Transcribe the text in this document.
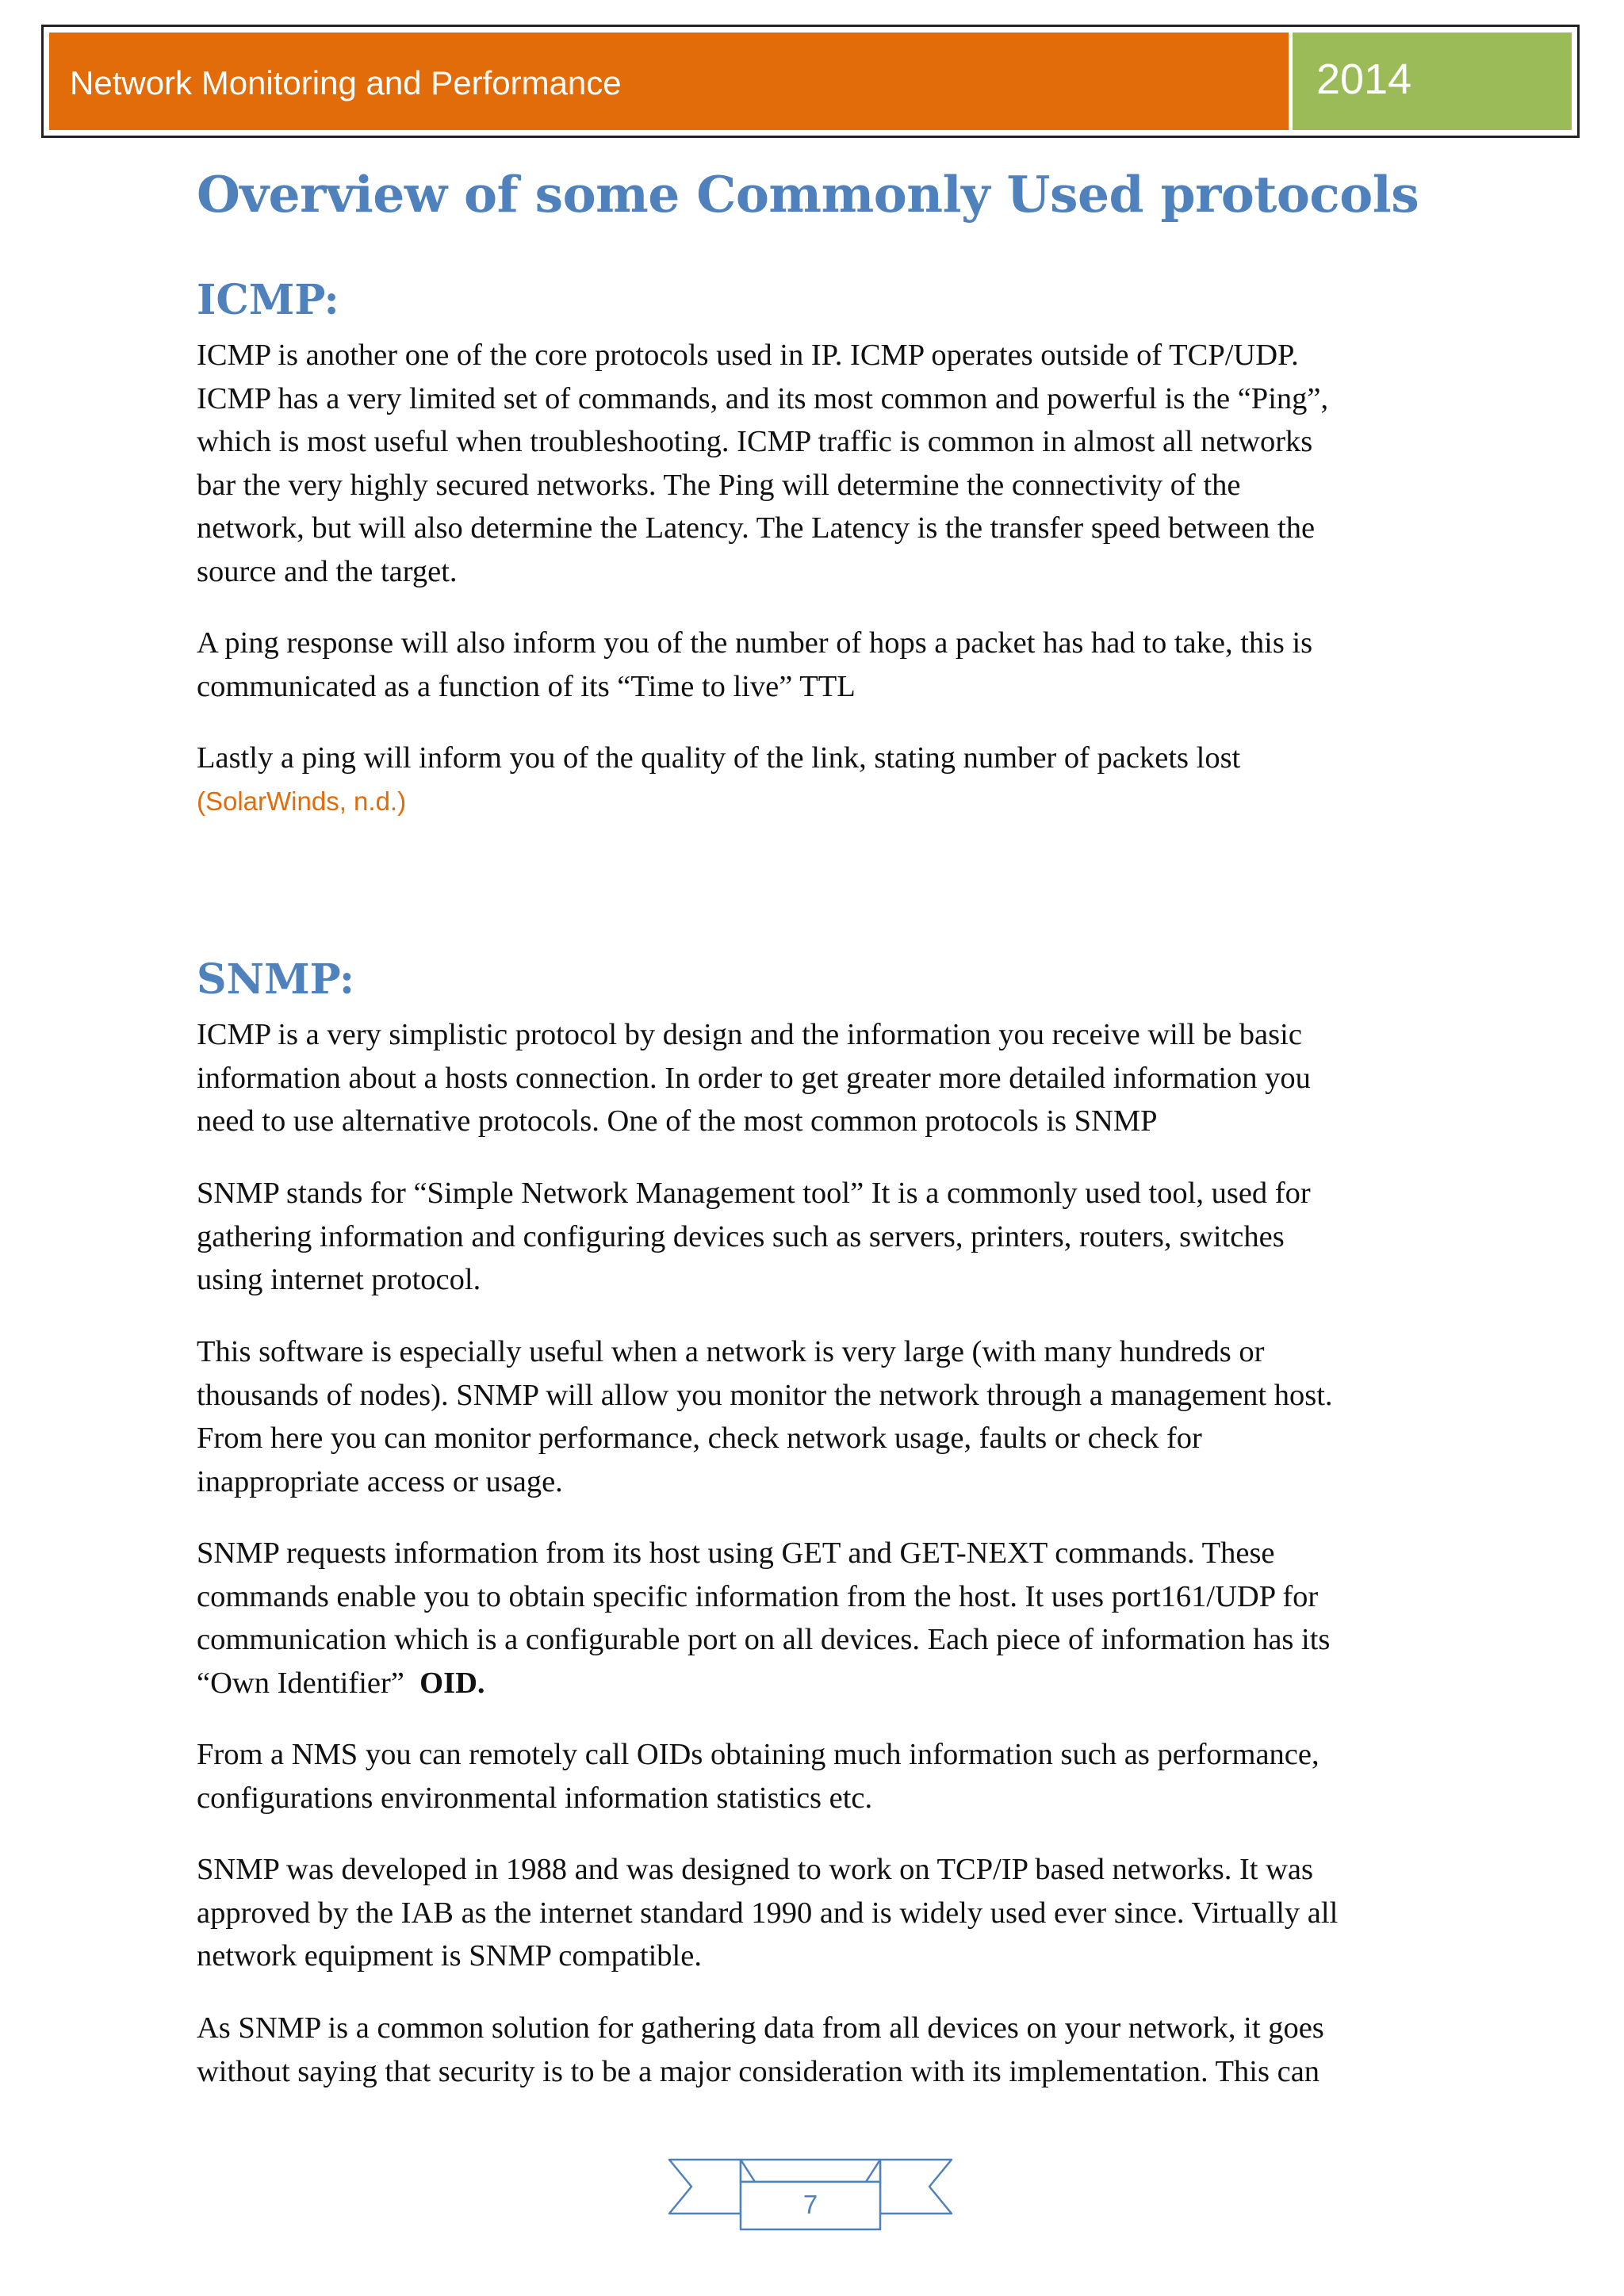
Network Monitoring and Performance	2014
Overview of some Commonly Used protocols
ICMP:

ICMP is another one of the core protocols used in IP. ICMP operates outside of TCP/UDP.
ICMP has a very limited set of commands, and its most common and powerful is the “Ping”,
which is most useful when troubleshooting. ICMP traffic is common in almost all networks
bar the very highly secured networks. The Ping will determine the connectivity of the
network, but will also determine the Latency. The Latency is the transfer speed between the
source and the target.

A ping response will also inform you of the number of hops a packet has had to take, this is
communicated as a function of its “Time to live” TTL

Lastly a ping will inform you of the quality of the link, stating number of packets lost
(SolarWinds, n.d.)

SNMP:

ICMP is a very simplistic protocol by design and the information you receive will be basic
information about a hosts connection. In order to get greater more detailed information you
need to use alternative protocols. One of the most common protocols is SNMP

SNMP stands for “Simple Network Management tool” It is a commonly used tool, used for
gathering information and configuring devices such as servers, printers, routers, switches
using internet protocol.

This software is especially useful when a network is very large (with many hundreds or
thousands of nodes). SNMP will allow you monitor the network through a management host.
From here you can monitor performance, check network usage, faults or check for
inappropriate access or usage.

SNMP requests information from its host using GET and GET-NEXT commands. These
commands enable you to obtain specific information from the host. It uses port161/UDP for
communication which is a configurable port on all devices. Each piece of information has its
“Own Identifier” OID.

From a NMS you can remotely call OIDs obtaining much information such as performance,
configurations environmental information statistics etc.

SNMP was developed in 1988 and was designed to work on TCP/IP based networks. It was
approved by the IAB as the internet standard 1990 and is widely used ever since. Virtually all
network equipment is SNMP compatible.

As SNMP is a common solution for gathering data from all devices on your network, it goes
without saying that security is to be a major consideration with its implementation. This can

7
